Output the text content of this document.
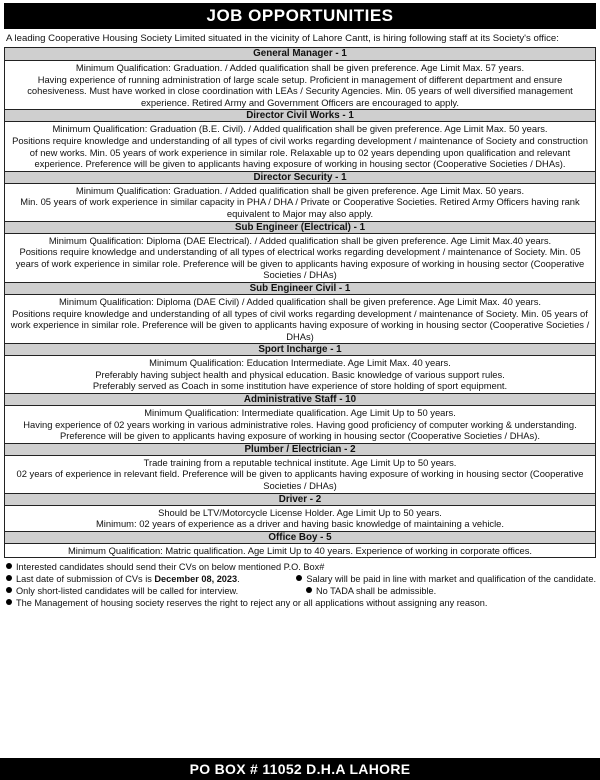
JOB OPPORTUNITIES
A leading Cooperative Housing Society Limited situated in the vicinity of Lahore Cantt, is hiring following staff at its Society's office:
General Manager - 1

Minimum Qualification: Graduation. / Added qualification shall be given preference. Age Limit Max. 57 years.

Having experience of running administration of large scale setup. Proficient in management of different department and ensure cohesiveness. Must have worked in close coordination with LEAs / Security Agencies. Min. 05 years of well diversified management experience. Retired Army and Government Officers are encouraged to apply.

Director Civil Works - 1

Minimum Qualification: Graduation (B.E. Civil). / Added qualification shall be given preference. Age Limit Max. 50 years.

Positions require knowledge and understanding of all types of civil works regarding development / maintenance of Society and construction of new works. Min. 05 years of work experience in similar role. Relaxable up to 02 years depending upon qualification and relevant experience. Preference will be given to applicants having exposure of working in housing sector (Cooperative Societies / DHAs).

Director Security - 1

Minimum Qualification: Graduation. / Added qualification shall be given preference. Age Limit Max. 50 years.

Min. 05 years of work experience in similar capacity in PHA / DHA / Private or Cooperative Societies. Retired Army Officers having rank equivalent to Major may also apply.

Sub Engineer (Electrical) - 1

Minimum Qualification: Diploma (DAE Electrical). / Added qualification shall be given preference. Age Limit Max.40 years.

Positions require knowledge and understanding of all types of electrical works regarding development / maintenance of Society. Min. 05 years of work experience in similar role. Preference will be given to applicants having exposure of working in housing sector (Cooperative Societies / DHAs)

Sub Engineer Civil - 1

Minimum Qualification: Diploma (DAE Civil) / Added qualification shall be given preference. Age Limit Max. 40 years.

Positions require knowledge and understanding of all types of civil works regarding development / maintenance of Society. Min. 05 years of work experience in similar role. Preference will be given to applicants having exposure of working in housing sector (Cooperative Societies / DHAs)

Sport Incharge - 1

Minimum Qualification: Education Intermediate. Age Limit Max. 40 years.

Preferably having subject health and physical education. Basic knowledge of various support rules.

Preferably served as Coach in some institution have experience of store holding of sport equipment.

Administrative Staff - 10

Minimum Qualification: Intermediate qualification. Age Limit Up to 50 years.

Having experience of 02 years working in various administrative roles. Having good proficiency of computer working & understanding. Preference will be given to applicants having exposure of working in housing sector (Cooperative Societies / DHAs).

Plumber / Electrician - 2

Trade training from a reputable technical institute. Age Limit Up to 50 years.

02 years of experience in relevant field. Preference will be given to applicants having exposure of working in housing sector (Cooperative Societies / DHAs)

Driver - 2

Should be LTV/Motorcycle License Holder. Age Limit Up to 50 years.

Minimum: 02 years of experience as a driver and having basic knowledge of maintaining a vehicle.

Office Boy - 5

Minimum Qualification: Matric qualification. Age Limit Up to 40 years. Experience of working in corporate offices.

Interested candidates should send their CVs on below mentioned P.O. Box#
Last date of submission of CVs is December 08, 2023.	Salary will be paid in line with market and qualification of the candidate.
Only short-listed candidates will be called for interview.	No TADA shall be admissible.
The Management of housing society reserves the right to reject any or all applications without assigning any reason.
PO BOX # 11052 D.H.A LAHORE
